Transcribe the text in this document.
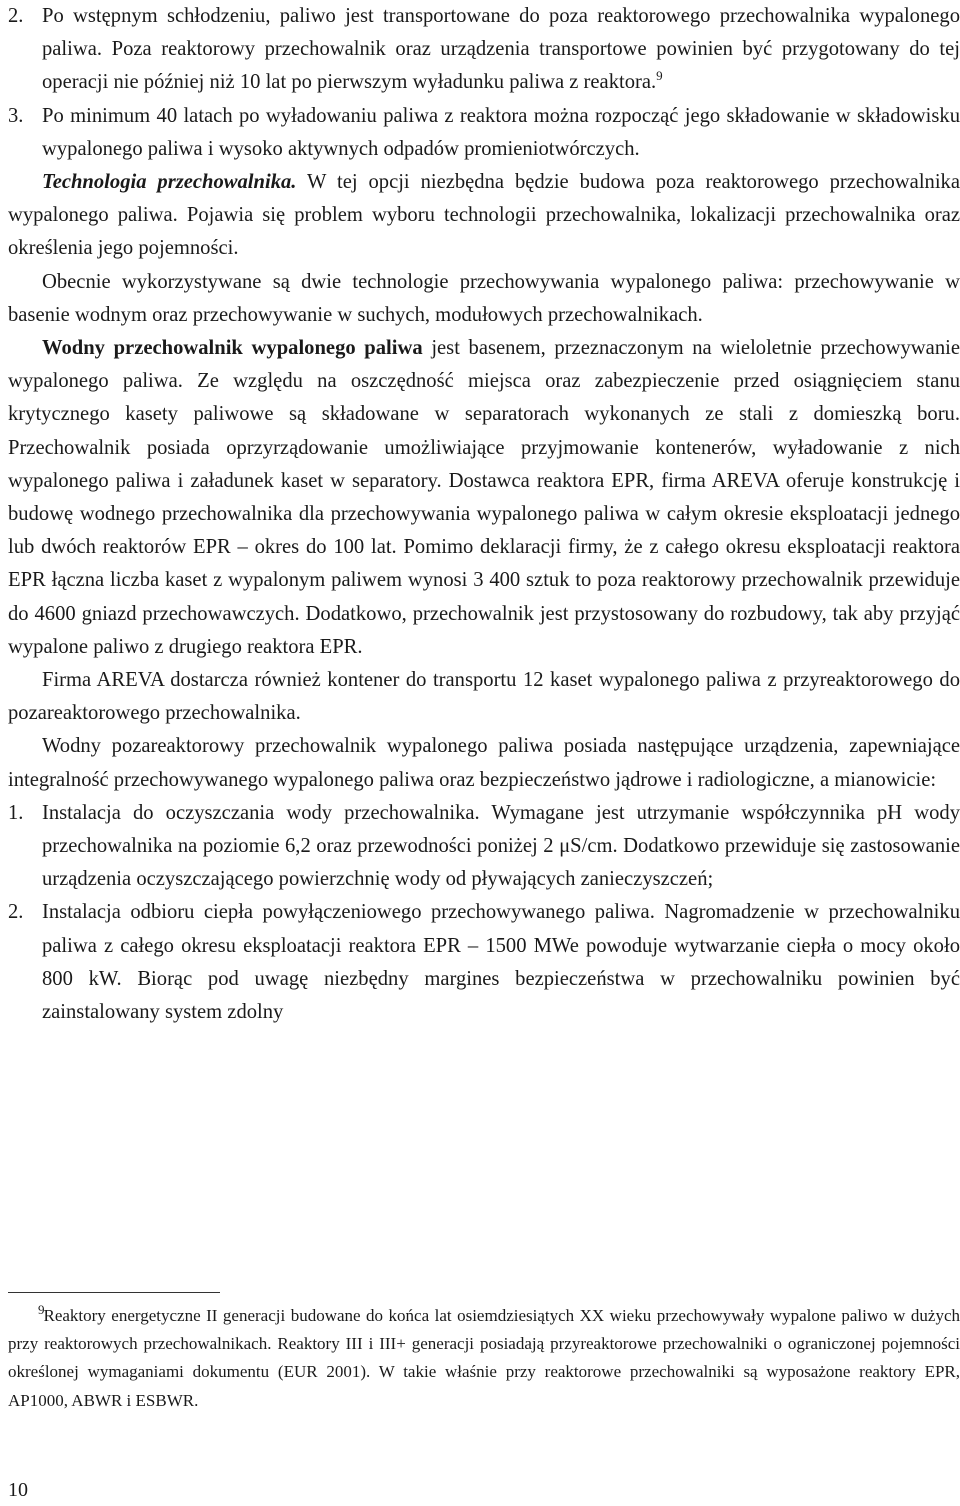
2. Po wstępnym schłodzeniu, paliwo jest transportowane do poza reaktorowego przechowalnika wypalonego paliwa. Poza reaktorowy przechowalnik oraz urządzenia transportowe powinien być przygotowany do tej operacji nie później niż 10 lat po pierwszym wyładunku paliwa z reaktora.$^9$
3. Po minimum 40 latach po wyładowaniu paliwa z reaktora można rozpocząć jego składowanie w składowisku wypalonego paliwa i wysoko aktywnych odpadów promieniotwórczych.

Technologia przechowalnika. W tej opcji niezbędna będzie budowa poza reaktorowego przechowalnika wypalonego paliwa. Pojawia się problem wyboru technologii przechowalnika, lokalizacji przechowalnika oraz określenia jego pojemności.

Obecnie wykorzystywane są dwie technologie przechowywania wypalonego paliwa: przechowywanie w basenie wodnym oraz przechowywanie w suchych, modułowych przechowalnikach.

Wodny przechowalnik wypalonego paliwa jest basenem, przeznaczonym na wieloletnie przechowywanie wypalonego paliwa. Ze względu na oszczędność miejsca oraz zabezpieczenie przed osiągnięciem stanu krytycznego kasety paliwowe są składowane w separatorach wykonanych ze stali z domieszką boru. Przechowalnik posiada oprzyrządowanie umożliwiające przyjmowanie kontenerów, wyładowanie z nich wypalonego paliwa i załadunek kaset w separatory. Dostawca reaktora EPR, firma AREVA oferuje konstrukcję i budowę wodnego przechowalnika dla przechowywania wypalonego paliwa w całym okresie eksploatacji jednego lub dwóch reaktorów EPR – okres do 100 lat. Pomimo deklaracji firmy, że z całego okresu eksploatacji reaktora EPR łączna liczba kaset z wypalonym paliwem wynosi 3 400 sztuk to poza reaktorowy przechowalnik przewiduje do 4600 gniazd przechowawczych. Dodatkowo, przechowalnik jest przystosowany do rozbudowy, tak aby przyjąć wypalone paliwo z drugiego reaktora EPR.

Firma AREVA dostarcza również kontener do transportu 12 kaset wypalonego paliwa z przyreaktorowego do pozareaktorowego przechowalnika.

Wodny pozareaktorowy przechowalnik wypalonego paliwa posiada następujące urządzenia, zapewniające integralność przechowywanego wypalonego paliwa oraz bezpieczeństwo jądrowe i radiologiczne, a mianowicie:

1. Instalacja do oczyszczania wody przechowalnika. Wymagane jest utrzymanie współczynnika pH wody przechowalnika na poziomie 6,2 oraz przewodności poniżej 2 μS/cm. Dodatkowo przewiduje się zastosowanie urządzenia oczyszczającego powierzchnię wody od pływających zanieczyszczeń;
2. Instalacja odbioru ciepła powyłączeniowego przechowywanego paliwa. Nagromadzenie w przechowalniku paliwa z całego okresu eksploatacji reaktora EPR – 1500 MWe powoduje wytwarzanie ciepła o mocy około 800 kW. Biorąc pod uwagę niezbędny margines bezpieczeństwa w przechowalniku powinien być zainstalowany system zdolny
9 Reaktory energetyczne II generacji budowane do końca lat osiemdziesiątych XX wieku przechowywały wypalone paliwo w dużych przy reaktorowych przechowalnikach. Reaktory III i III+ generacji posiadają przyreaktorowe przechowalniki o ograniczonej pojemności określonej wymaganiami dokumentu (EUR 2001). W takie właśnie przy reaktorowe przechowalniki są wyposażone reaktory EPR, AP1000, ABWR i ESBWR.
10
